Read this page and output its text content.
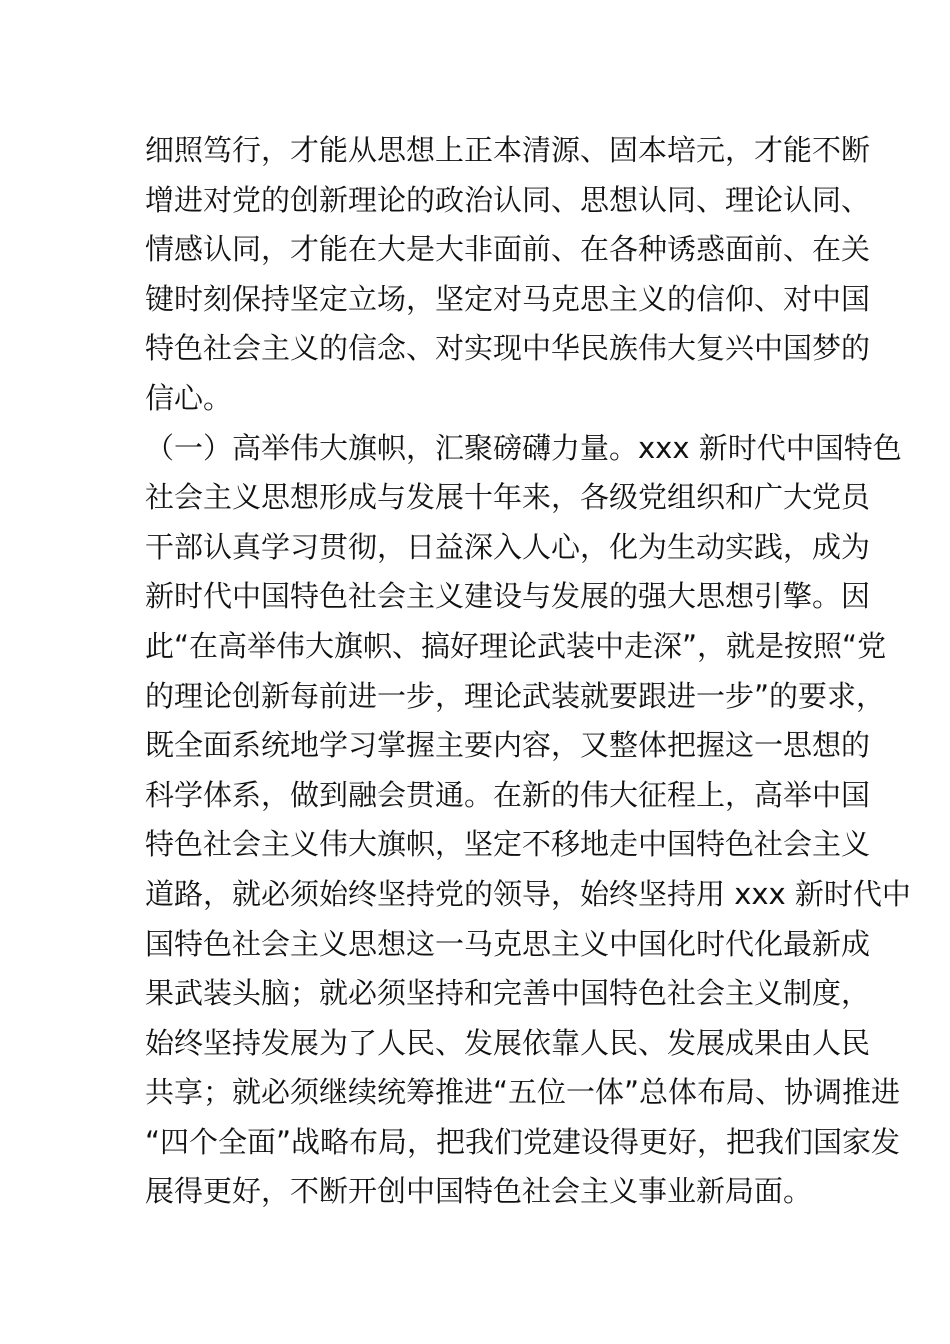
细照笃行，才能从思想上正本清源、固本培元，才能不断
增进对党的创新理论的政治认同、思想认同、理论认同、
情感认同，才能在大是大非面前、在各种诱惑面前、在关
键时刻保持坚定立场，坚定对马克思主义的信仰、对中国
特色社会主义的信念、对实现中华民族伟大复兴中国梦的
信心。
（一）高举伟大旗帜，汇聚磅礴力量。xxx 新时代中国特色
社会主义思想形成与发展十年来，各级党组织和广大党员
干部认真学习贯彻，日益深入人心，化为生动实践，成为
新时代中国特色社会主义建设与发展的强大思想引擎。因
此“在高举伟大旗帜、搞好理论武装中走深”，就是按照“党
的理论创新每前进一步，理论武装就要跟进一步”的要求，
既全面系统地学习掌握主要内容，又整体把握这一思想的
科学体系，做到融会贯通。在新的伟大征程上，高举中国
特色社会主义伟大旗帜，坚定不移地走中国特色社会主义
道路，就必须始终坚持党的领导，始终坚持用 xxx 新时代中
国特色社会主义思想这一马克思主义中国化时代化最新成
果武装头脑；就必须坚持和完善中国特色社会主义制度，
始终坚持发展为了人民、发展依靠人民、发展成果由人民
共享；就必须继续统筹推进“五位一体”总体布局、协调推进
“四个全面”战略布局，把我们党建设得更好，把我们国家发
展得更好，不断开创中国特色社会主义事业新局面。
